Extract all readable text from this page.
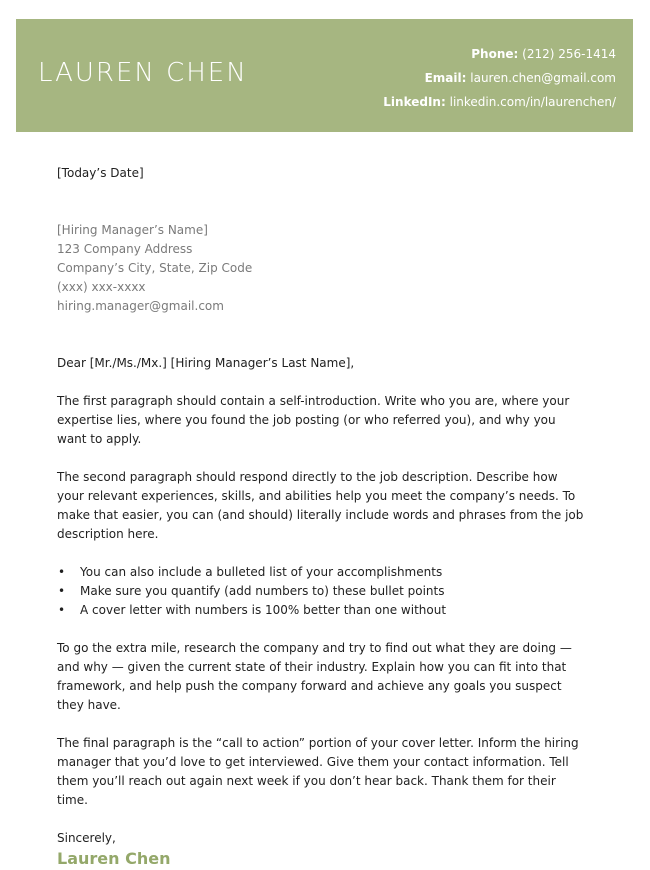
LAUREN CHEN
Phone: (212) 256-1414
Email: lauren.chen@gmail.com
LinkedIn: linkedin.com/in/laurenchen/

[Today’s Date]

[Hiring Manager’s Name]

123 Company Address

Company’s City, State, Zip Code

(xxx) xxx-xxxx

hiring.manager@gmail.com

Dear [Mr./Ms./Mx.] [Hiring Manager’s Last Name],

The first paragraph should contain a self-introduction. Write who you are, where your expertise lies, where you found the job posting (or who referred you), and why you want to apply.

The second paragraph should respond directly to the job description. Describe how your relevant experiences, skills, and abilities help you meet the company’s needs. To make that easier, you can (and should) literally include words and phrases from the job description here.

• You can also include a bulleted list of your accomplishments
• Make sure you quantify (add numbers to) these bullet points
• A cover letter with numbers is 100% better than one without

To go the extra mile, research the company and try to find out what they are doing — and why — given the current state of their industry. Explain how you can fit into that framework, and help push the company forward and achieve any goals you suspect they have.

The final paragraph is the “call to action” portion of your cover letter. Inform the hiring manager that you’d love to get interviewed. Give them your contact information. Tell them you’ll reach out again next week if you don’t hear back. Thank them for their time.

Sincerely,

Lauren Chen
